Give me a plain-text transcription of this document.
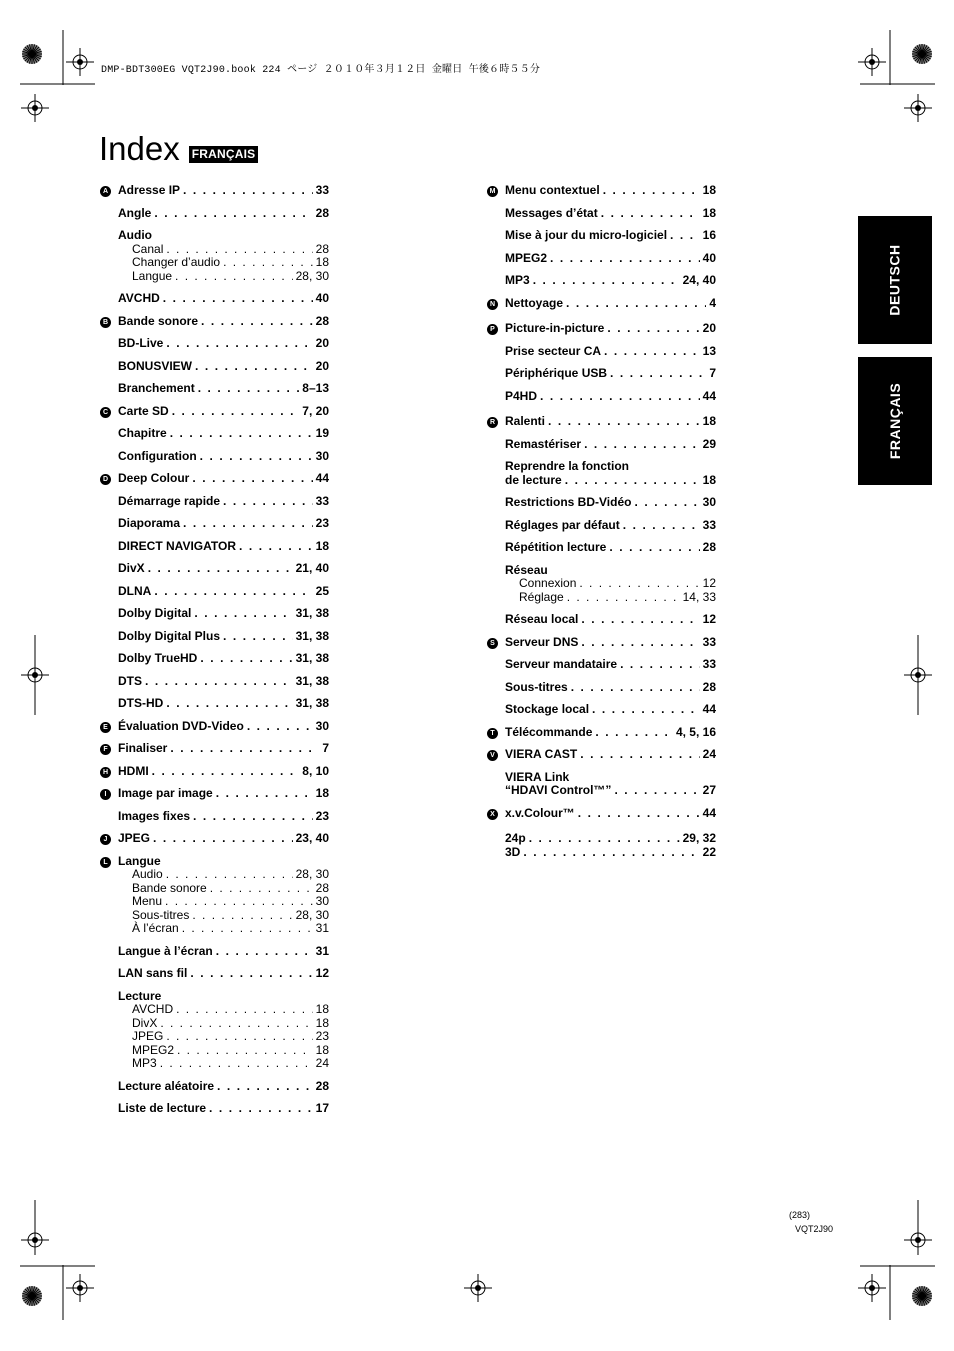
DMP-BDT300EG VQT2J90.book 224 ページ ２０１０年３月１２日 金曜日 午後６時５５分
Index FRANÇAIS
A Adresse IP . . .	33
Angle . . .	28
Audio
Canal . . .	28
Changer d’audio . . .	18
Langue . . .	28, 30
AVCHD . . .	40
B Bande sonore . . .	28
BD-Live . . .	20
BONUSVIEW . . .	20
Branchement . . .	8–13
C Carte SD . . .	7, 20
Chapitre . . .	19
Configuration . . .	30
D Deep Colour . . .	44
Démarrage rapide . . .	33
Diaporama . . .	23
DIRECT NAVIGATOR . . .	18
DivX . . .	21, 40
DLNA . . .	25
Dolby Digital . . .	31, 38
Dolby Digital Plus . . .	31, 38
Dolby TrueHD . . .	31, 38
DTS . . .	31, 38
DTS-HD . . .	31, 38
E Évaluation DVD-Video . . .	30
F Finaliser . . .	7
H HDMI . . .	8, 10
I Image par image . . .	18
Images fixes . . .	23
J JPEG . . .	23, 40
L Langue
Audio . . .	28, 30
Bande sonore . . .	28
Menu . . .	30
Sous-titres . . .	28, 30
À l’écran . . .	31
Langue à l’écran . . .	31
LAN sans fil . . .	12
Lecture
AVCHD . . .	18
DivX . . .	18
JPEG . . .	23
MPEG2 . . .	18
MP3 . . .	24
Lecture aléatoire . . .	28
Liste de lecture . . .	17
M Menu contextuel . . .	18
Messages d’état . . .	18
Mise à jour du micro-logiciel . . .	16
MPEG2 . . .	40
MP3 . . .	24, 40
N Nettoyage . . .	4
P Picture-in-picture . . .	20
Prise secteur CA . . .	13
Périphérique USB . . .	7
P4HD . . .	44
R Ralenti . . .	18
Remastériser . . .	29
Reprendre la fonction
de lecture . . .	18
Restrictions BD-Vidéo . . .	30
Réglages par défaut . . .	33
Répétition lecture . . .	28
Réseau
Connexion . . .	12
Réglage . . .	14, 33
Réseau local . . .	12
S Serveur DNS . . .	33
Serveur mandataire . . .	33
Sous-titres . . .	28
Stockage local . . .	44
T Télécommande . . .	4, 5, 16
V VIERA CAST . . .	24
VIERA Link
“HDAVI Control™” . . .	27
X x.v.Colour™ . . .	44
24p . . .	29, 32
3D . . .	22
DEUTSCH
FRANÇAIS
(283)
VQT2J90
